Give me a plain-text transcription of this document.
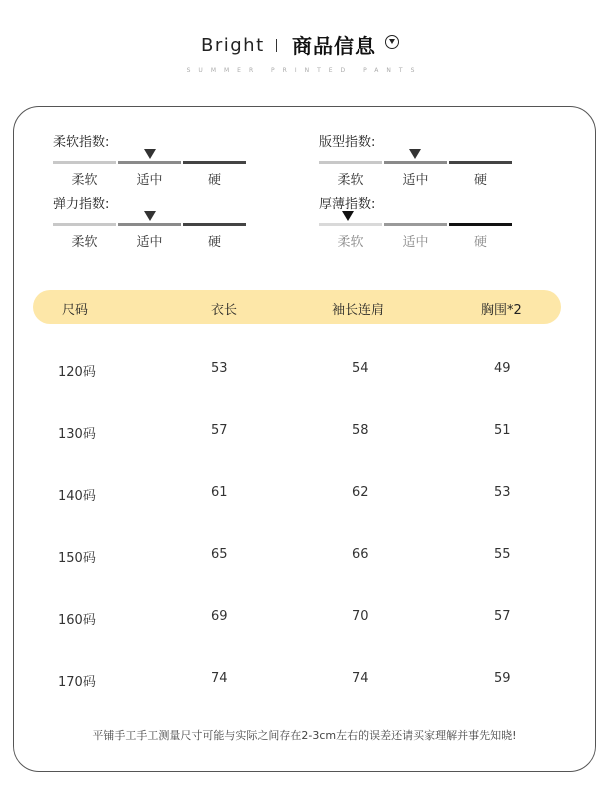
Bright 商品信息
SUMMER PRINTED PANTS
柔软指数:
柔软	适中	硬
版型指数:
柔软	适中	硬
弹力指数:
柔软	适中	硬
厚薄指数:
柔软	适中	硬
尺码	衣长	袖长连肩	胸围*2
120码	53	54	49
130码	57	58	51
140码	61	62	53
150码	65	66	55
160码	69	70	57
170码	74	74	59
平铺手工手工测量尺寸可能与实际之间存在2-3cm左右的误差还请买家理解并事先知晓!
